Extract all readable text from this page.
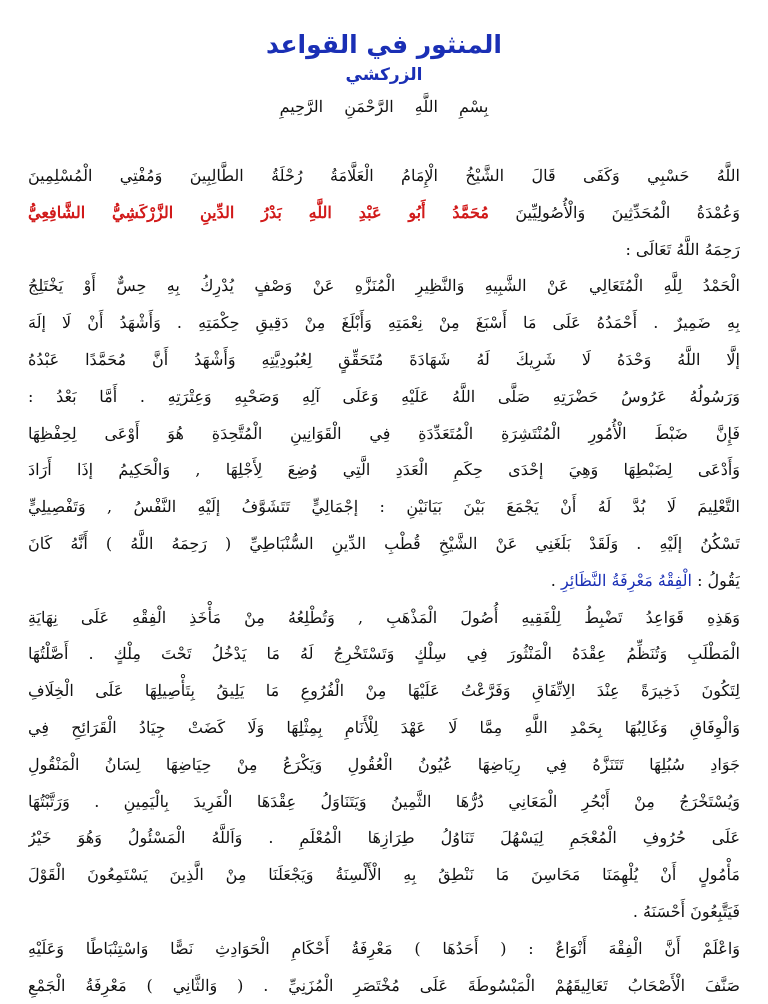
المنثور في القواعد
الزركشي
بِسْمِ اللَّهِ الرَّحْمَنِ الرَّحِيمِ
اللَّهُ حَسْبِي وَكَفَى قَالَ الشَّيْخُ الْإِمَامُ الْعَلَّامَةُ رُحْلَةُ الطَّالِبِينَ وَمُفْتِي الْمُسْلِمِينَ
وَعُمْدَةُ الْمُحَدِّثِينَ وَالْأُصُولِيِّينَ مُحَمَّدُ أَبُو عَبْدِ اللَّهِ بَدْرُ الدِّينِ الزَّرْكَشِيُّ الشَّافِعِيُّ
رَحِمَهُ اللَّهُ تَعَالَى :
الْحَمْدُ لِلَّهِ الْمُتَعَالِي عَنْ الشَّبِيهِ وَالنَّظِيرِ الْمُنَزَّهِ عَنْ وَصْفٍ يُدْرِكُ بِهِ حِسٌّ أَوْ يَخْتَلِجُ
بِهِ ضَمِيرٌ . أَحْمَدُهُ عَلَى مَا أَسْبَغَ مِنْ نِعْمَتِهِ وَأَبْلَغَ مِنْ دَقِيقِ حِكْمَتِهِ . وَأَشْهَدُ أَنْ لَا إلَهَ
إلَّا اللَّهُ وَحْدَهُ لَا شَرِيكَ لَهُ شَهَادَةَ مُتَحَقِّقٍ لِعُبُودِيَّتِهِ وَأَشْهَدُ أَنَّ مُحَمَّدًا عَبْدُهُ
وَرَسُولُهُ عَرُوسُ حَضْرَتِهِ صَلَّى اللَّهُ عَلَيْهِ وَعَلَى آلِهِ وَصَحْبِهِ وَعِتْرَتِهِ . أَمَّا بَعْدُ :
فَإِنَّ ضَبْطَ الْأُمُورِ الْمُنْتَشِرَةِ الْمُتَعَدِّدَةِ فِي الْقَوَانِينِ الْمُتَّحِدَةِ هُوَ أَوْعَى لِحِفْظِهَا
وَأَدْعَى لِضَبْطِهَا وَهِيَ إحْدَى حِكَمِ الْعَدَدِ الَّتِي وُضِعَ لِأَجْلِهَا , وَالْحَكِيمُ إذَا أَرَادَ
التَّعْلِيمَ لَا بُدَّ لَهُ أَنْ يَجْمَعَ بَيْنَ بَيَانَيْنِ : إجْمَالِيٍّ تَتَشَوَّفُ إلَيْهِ النَّفْسُ , وَتَفْصِيلِيٍّ
تَسْكُنُ إلَيْهِ . وَلَقَدْ بَلَغَنِي عَنْ الشَّيْخِ قُطْبِ الدِّينِ السُّنْبَاطِيِّ ( رَحِمَهُ اللَّهُ ) أَنَّهُ كَانَ
يَقُولُ : الْفِقْهُ مَعْرِفَةُ النَّظَائِرِ .
وَهَذِهِ قَوَاعِدُ تَضْبِطُ لِلْفَقِيهِ أُصُولَ الْمَذْهَبِ , وَتُطْلِعُهُ مِنْ مَأْخَذِ الْفِقْهِ عَلَى نِهَايَةِ
الْمَطْلَبِ وَتُنَظِّمُ عِقْدَهُ الْمَنْثُورَ فِي سِلْكٍ وَتَسْتَخْرِجُ لَهُ مَا يَدْخُلُ تَحْتَ مِلْكٍ . أَصَّلْتُهَا
لِتَكُونَ ذَخِيرَةً عِنْدَ الِاتِّفَاقِ وَفَرَّعْتُ عَلَيْهَا مِنْ الْفُرُوعِ مَا يَلِيقُ بِتَأْصِيلِهَا عَلَى الْخِلَافِ
وَالْوِفَاقِ وَغَالِبُهَا بِحَمْدِ اللَّهِ مِمَّا لَا عَهْدَ لِلْأَنَامِ بِمِثْلِهَا وَلَا كَضَتْ جِيَادُ الْقَرَائِحِ فِي
جَوَادِ سُبُلِهَا تَتَنَزَّهُ فِي رِيَاضِهَا عُيُونُ الْعُقُولِ وَيَكْرَعُ مِنْ حِيَاضِهَا لِسَانُ الْمَنْقُولِ
وَيُسْتَخْرَجُ مِنْ أَبْحُرِ الْمَعَانِي دُرُّهَا الثَّمِينُ وَيَتَنَاوَلُ عِقْدَهَا الْفَرِيدَ بِالْيَمِينِ . وَرَتَّبْتُهَا
عَلَى حُرُوفِ الْمُعْجَمِ لِيَسْهُلَ تَنَاوُلُ طِرَازِهَا الْمُعْلَمِ . وَاَللَّهُ الْمَسْئُولُ وَهُوَ خَيْرُ
مَأْمُولٍ أَنْ يُلْهِمَنَا مَحَاسِنَ مَا نَنْطِقُ بِهِ الْأَلْسِنَةُ وَيَجْعَلَنَا مِنْ الَّذِينَ يَسْتَمِعُونَ الْقَوْلَ
فَيَتَّبِعُونَ أَحْسَنَهُ .
وَاعْلَمْ أَنَّ الْفِقْهَ أَنْوَاعٌ : ( أَحَدُهَا ) مَعْرِفَةُ أَحْكَامِ الْحَوَادِثِ نَصًّا وَاسْتِنْبَاطًا وَعَلَيْهِ
صَنَّفَ الْأَصْحَابُ تَعَالِيقَهُمْ الْمَبْسُوطَةَ عَلَى مُخْتَصَرِ الْمُزَنِيِّ . ( وَالثَّانِي ) مَعْرِفَةُ الْجَمْعِ
